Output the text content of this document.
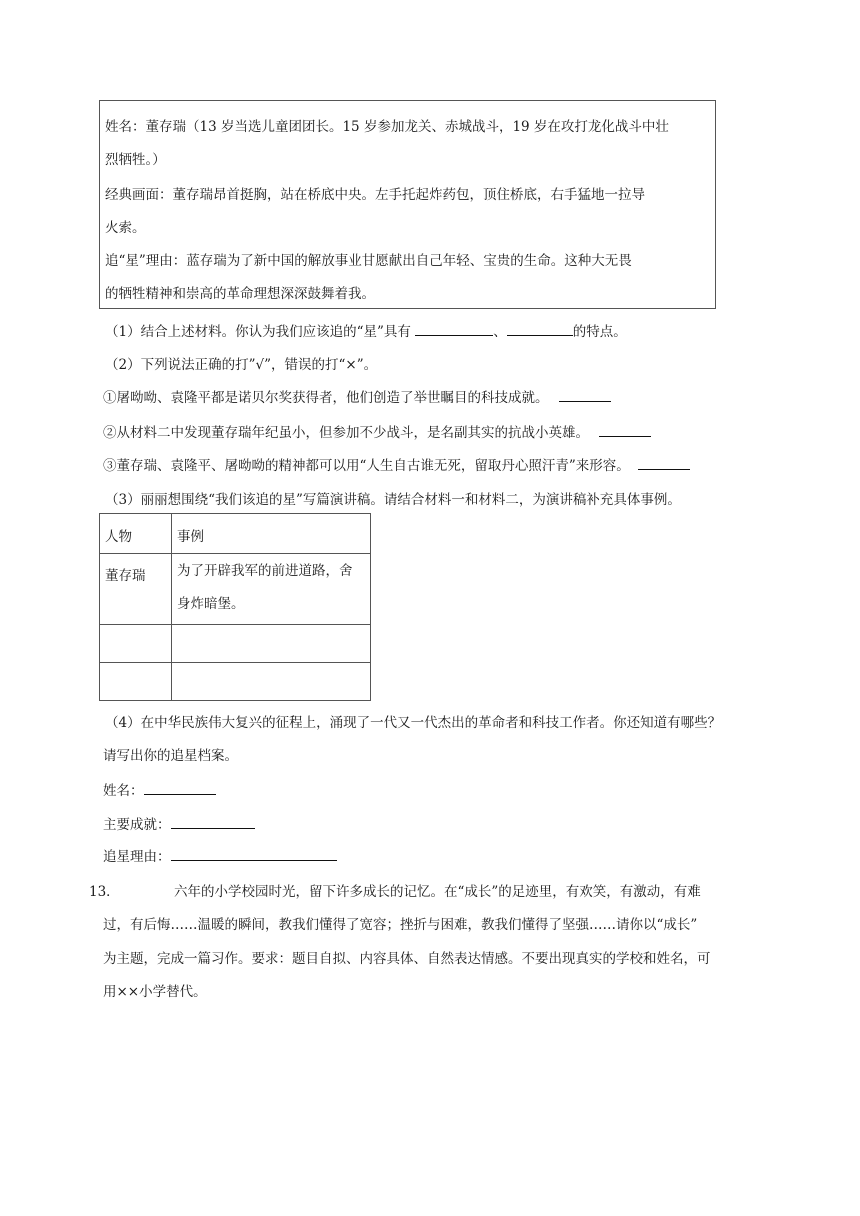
姓名：董存瑞（13 岁当选儿童团团长。15 岁参加龙关、赤城战斗，19 岁在攻打龙化战斗中壮
烈牺牲。）
经典画面：董存瑞昂首挺胸，站在桥底中央。左手托起炸药包，顶住桥底，右手猛地一拉导
火索。
追“星”理由：蓝存瑞为了新中国的解放事业甘愿献出自己年轻、宝贵的生命。这种大无畏
的牺牲精神和崇高的革命理想深深鼓舞着我。
（1）结合上述材料。你认为我们应该追的“星”具有	、	的特点。
（2）下列说法正确的打”√”，错误的打“×”。
①屠呦呦、袁隆平都是诺贝尔奖获得者，他们创造了举世瞩目的科技成就。
②从材料二中发现董存瑞年纪虽小，但参加不少战斗，是名副其实的抗战小英雄。
③董存瑞、袁隆平、屠呦呦的精神都可以用“人生自古谁无死，留取丹心照汗青”来形容。
（3）丽丽想围绕“我们该追的星”写篇演讲稿。请结合材料一和材料二，为演讲稿补充具体事例。
人物	事例
董存瑞	为了开辟我军的前进道路，舍
身炸暗堡。

（4）在中华民族伟大复兴的征程上，涌现了一代又一代杰出的革命者和科技工作者。你还知道有哪些？
请写出你的追星档案。
姓名：
主要成就：
追星理由：
13．	六年的小学校园时光，留下许多成长的记忆。在“成长”的足迹里，有欢笑，有激动，有难
过，有后悔……温暖的瞬间，教我们懂得了宽容；挫折与困难，教我们懂得了坚强……请你以“成长”
为主题，完成一篇习作。要求：题目自拟、内容具体、自然表达情感。不要出现真实的学校和姓名，可
用××小学替代。
